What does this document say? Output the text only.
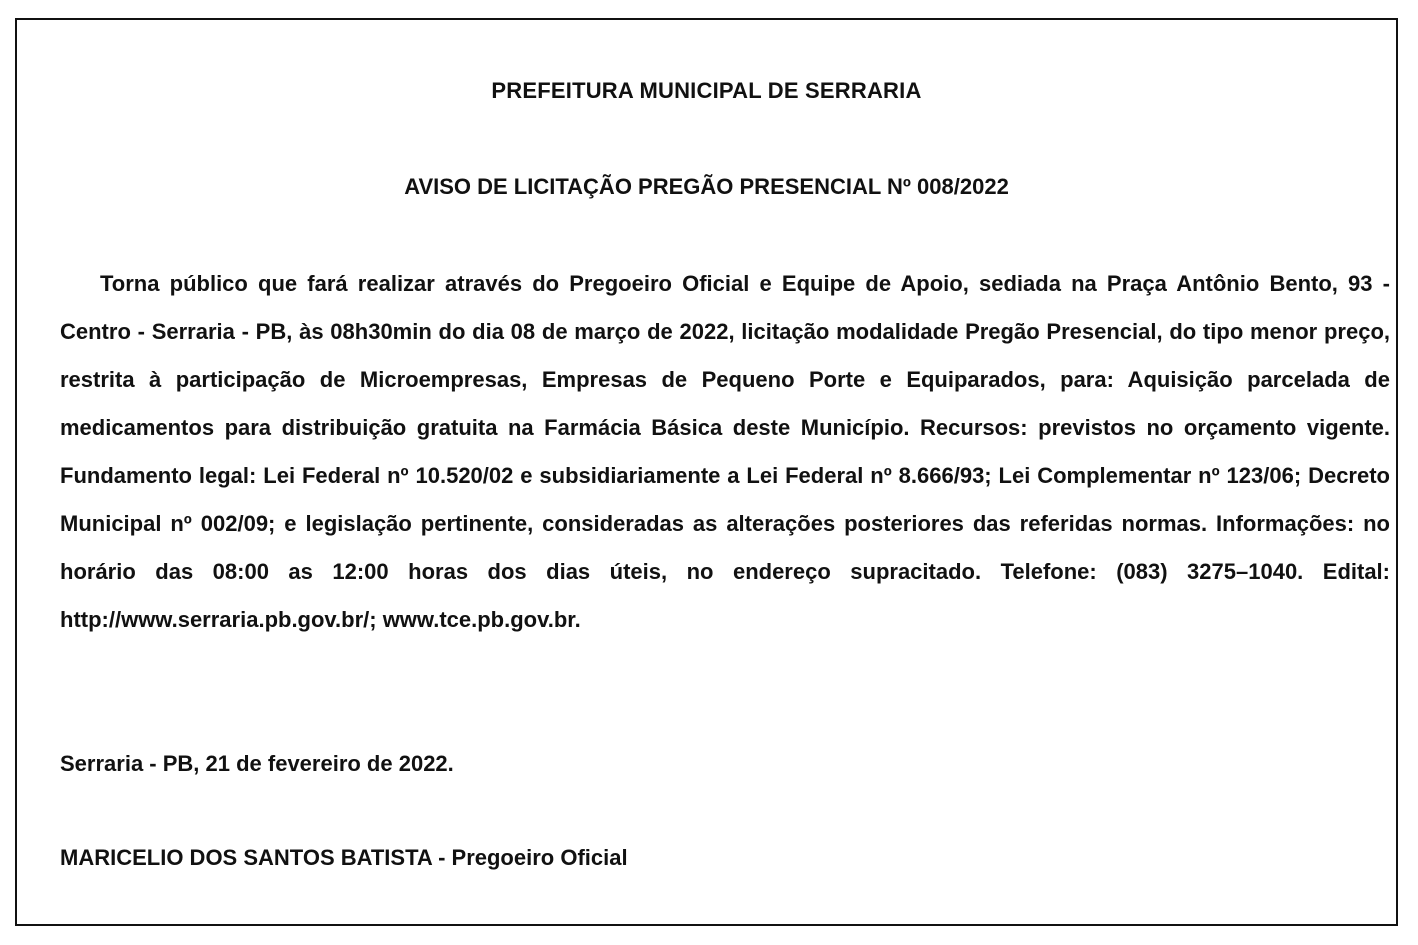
PREFEITURA MUNICIPAL DE SERRARIA
AVISO DE LICITAÇÃO PREGÃO PRESENCIAL Nº 008/2022

Torna público que fará realizar através do Pregoeiro Oficial e Equipe de Apoio, sediada na Praça Antônio Bento, 93 - Centro - Serraria - PB, às 08h30min do dia 08 de março de 2022, licitação modalidade Pregão Presencial, do tipo menor preço, restrita à participação de Microempresas, Empresas de Pequeno Porte e Equiparados, para: Aquisição parcelada de medicamentos para distribuição gratuita na Farmácia Básica deste Município. Recursos: previstos no orçamento vigente. Fundamento legal: Lei Federal nº 10.520/02 e subsidiariamente a Lei Federal nº 8.666/93; Lei Complementar nº 123/06; Decreto Municipal nº 002/09; e legislação pertinente, consideradas as alterações posteriores das referidas normas. Informações: no horário das 08:00 as 12:00 horas dos dias úteis, no endereço supracitado. Telefone: (083) 3275–1040. Edital: http://www.serraria.pb.gov.br/; www.tce.pb.gov.br.

Serraria - PB, 21 de fevereiro de 2022.

MARICELIO DOS SANTOS BATISTA - Pregoeiro Oficial
